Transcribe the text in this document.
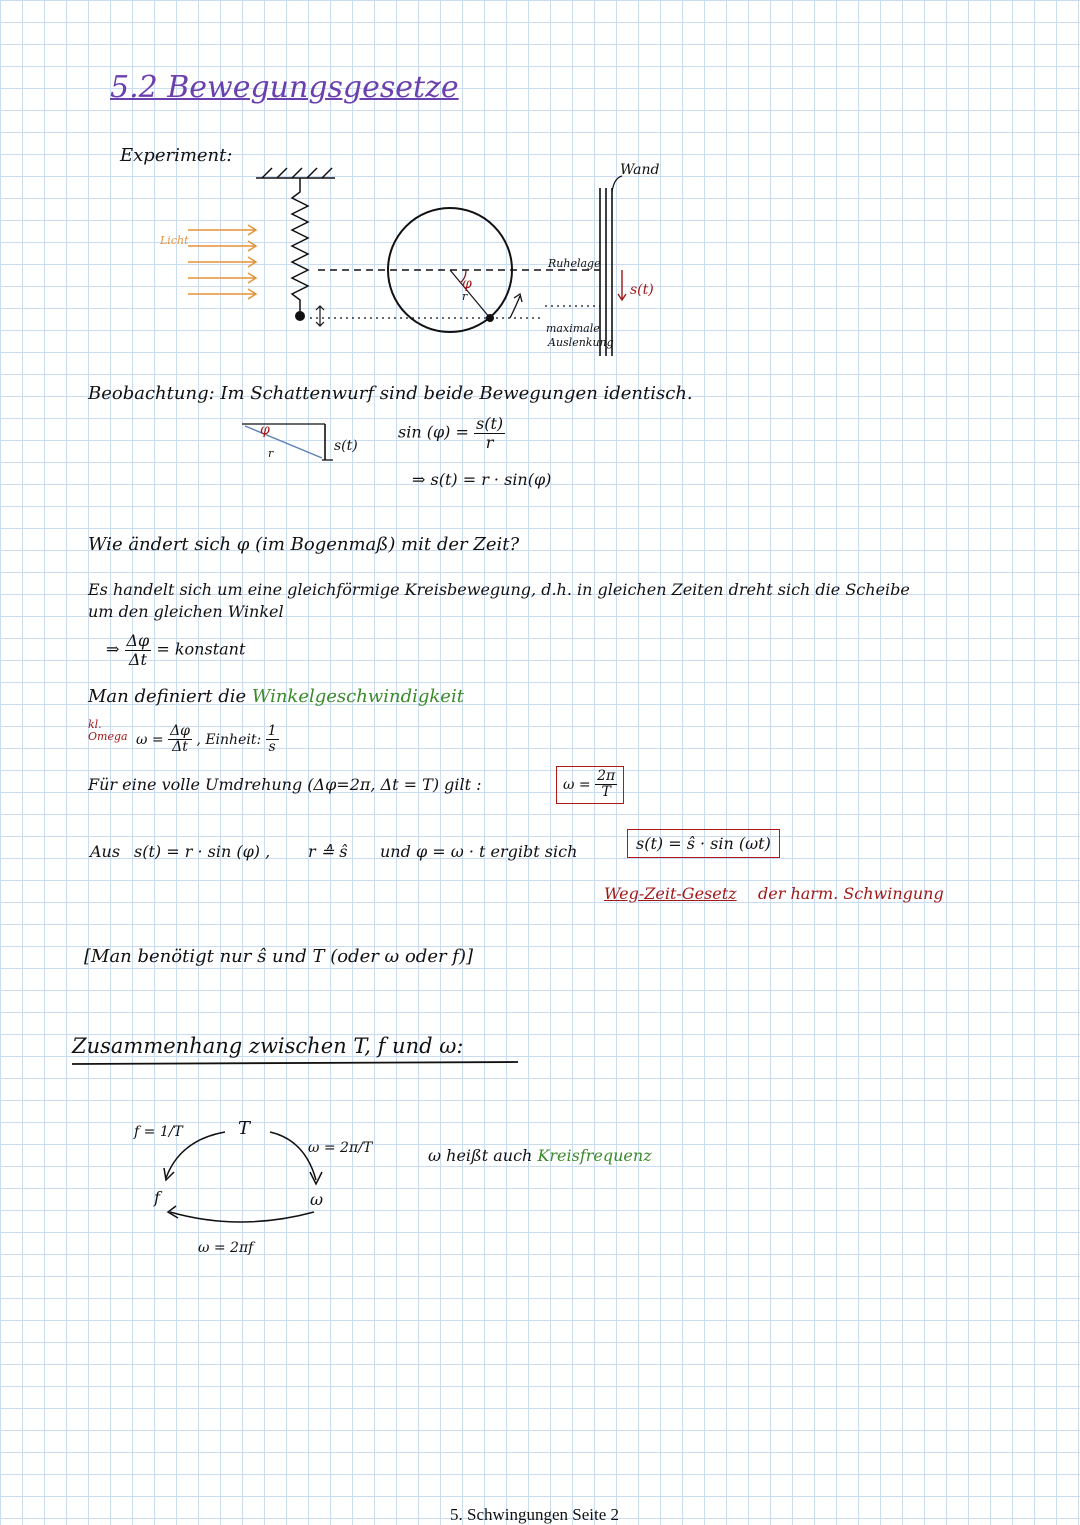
5.2 Bewegungsgesetze
Experiment:
Licht
Wand
Ruhelage
maximale
Auslenkung
s(t)
φ
r
Beobachtung: Im Schattenwurf sind beide Bewegungen identisch.
φ
r	s(t)
$\sin (\varphi) = \frac{s(t)}{r}$
⇒ s(t) = r · sin(φ)
Wie ändert sich φ (im Bogenmaß) mit der Zeit?
Es handelt sich um eine gleichförmige Kreisbewegung, d.h. in gleichen Zeiten dreht sich die Scheibe
um den gleichen Winkel
⇒ $\frac{\Delta\varphi}{\Delta t}$ = konstant
Man definiert die Winkelgeschwindigkeit
kl.
Omega $\omega = \frac{\Delta\varphi}{\Delta t}$ , Einheit: $\frac{1}{s}$
Für eine volle Umdrehung (Δφ=2π, Δt = T) gilt :	$\omega = \frac{2\pi}{T}$
Aus s(t) = r · sin (φ) , r ≙ ŝ und φ = ω · t ergibt sich	s(t) = ŝ · sin (ωt)
Weg-Zeit-Gesetz der harm. Schwingung
[Man benötigt nur ŝ und T (oder ω oder f)]
Zusammenhang zwischen T, f und ω:
f = 1/T	T
ω = 2π/T
f	ω
ω = 2πf
ω heißt auch Kreisfrequenz
5. Schwingungen Seite 2
